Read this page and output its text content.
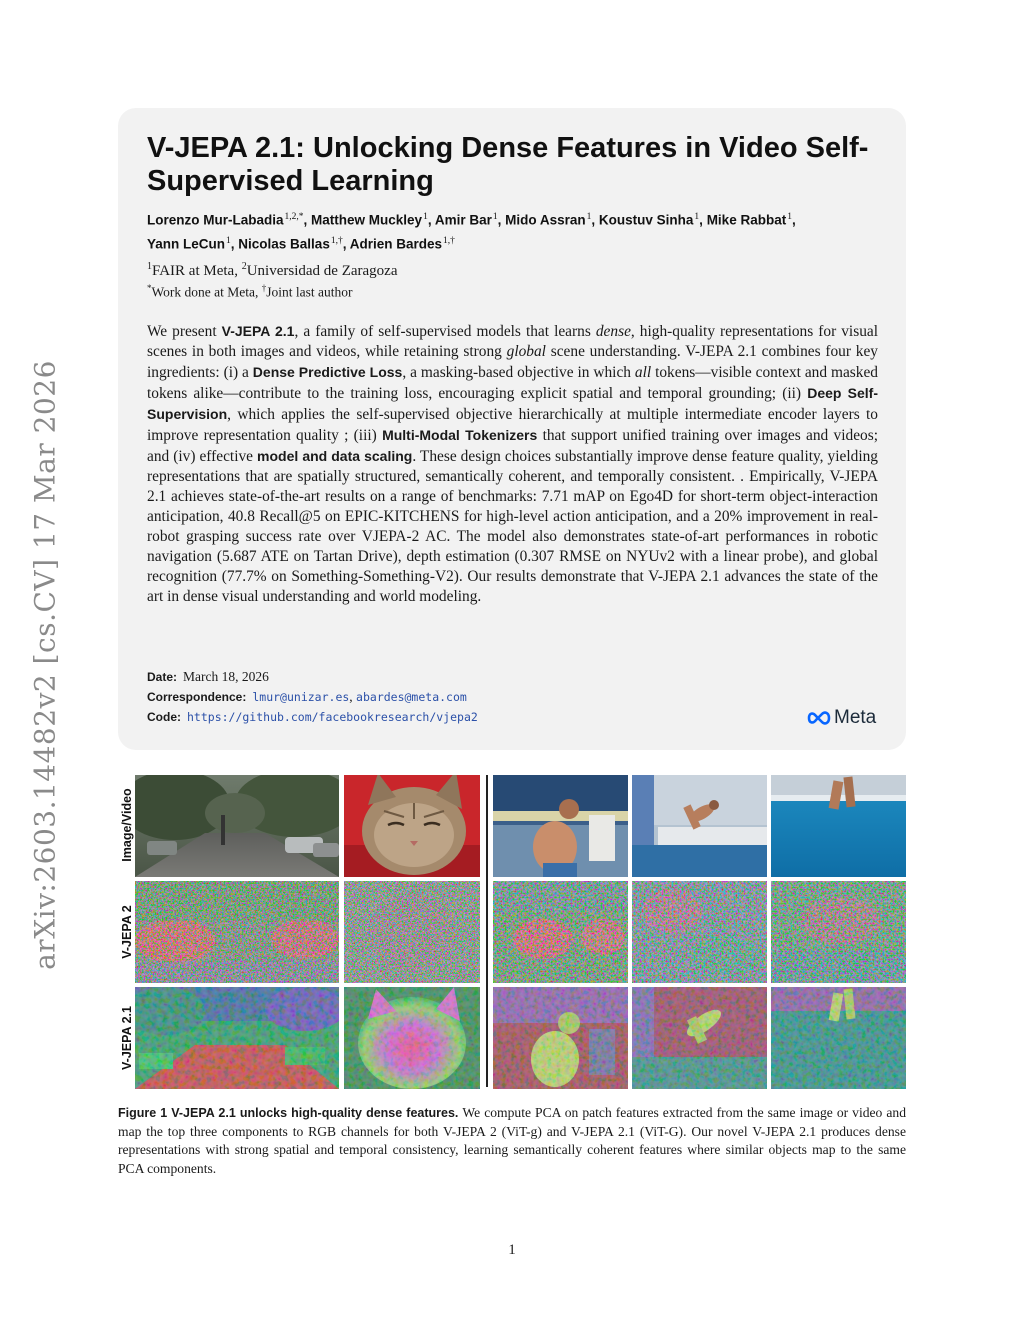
arXiv:2603.14482v2 [cs.CV] 17 Mar 2026
V-JEPA 2.1: Unlocking Dense Features in Video Self-Supervised Learning
Lorenzo Mur-Labadia$^{1,2,*}$, Matthew Muckley$^1$, Amir Bar$^1$, Mido Assran$^1$, Koustuv Sinha$^1$, Mike Rabbat$^1$,
Yann LeCun$^1$, Nicolas Ballas$^{1,\dagger}$, Adrien Bardes$^{1,\dagger}$
$^1$FAIR at Meta, $^2$Universidad de Zaragoza
*Work done at Meta, †Joint last author

We present V-JEPA 2.1, a family of self-supervised models that learns dense, high-quality representations for visual scenes in both images and videos, while retaining strong global scene understanding. V-JEPA 2.1 combines four key ingredients: (i) a Dense Predictive Loss, a masking-based objective in which all tokens—visible context and masked tokens alike—contribute to the training loss, encouraging explicit spatial and temporal grounding; (ii) Deep Self-Supervision, which applies the self-supervised objective hierarchically at multiple intermediate encoder layers to improve representation quality ; (iii) Multi-Modal Tokenizers that support unified training over images and videos; and (iv) effective model and data scaling. These design choices substantially improve dense feature quality, yielding representations that are spatially structured, semantically coherent, and temporally consistent. . Empirically, V-JEPA 2.1 achieves state-of-the-art results on a range of benchmarks: 7.71 mAP on Ego4D for short-term object-interaction anticipation, 40.8 Recall@5 on EPIC-KITCHENS for high-level action anticipation, and a 20% improvement in real-robot grasping success rate over VJEPA-2 AC. The model also demonstrates state-of-art performances in robotic navigation (5.687 ATE on Tartan Drive), depth estimation (0.307 RMSE on NYUv2 with a linear probe), and global recognition (77.7% on Something-Something-V2). Our results demonstrate that V-JEPA 2.1 advances the state of the art in dense visual understanding and world modeling.

Date: March 18, 2026
Correspondence: lmur@unizar.es, abardes@meta.com
Code: https://github.com/facebookresearch/vjepa2	Meta
Image/Video
V-JEPA 2
V-JEPA 2.1

Figure 1 V-JEPA 2.1 unlocks high-quality dense features. We compute PCA on patch features extracted from the same image or video and map the top three components to RGB channels for both V-JEPA 2 (ViT-g) and V-JEPA 2.1 (ViT-G). Our novel V-JEPA 2.1 produces dense representations with strong spatial and temporal consistency, learning semantically coherent features where similar objects map to the same PCA components.

1
